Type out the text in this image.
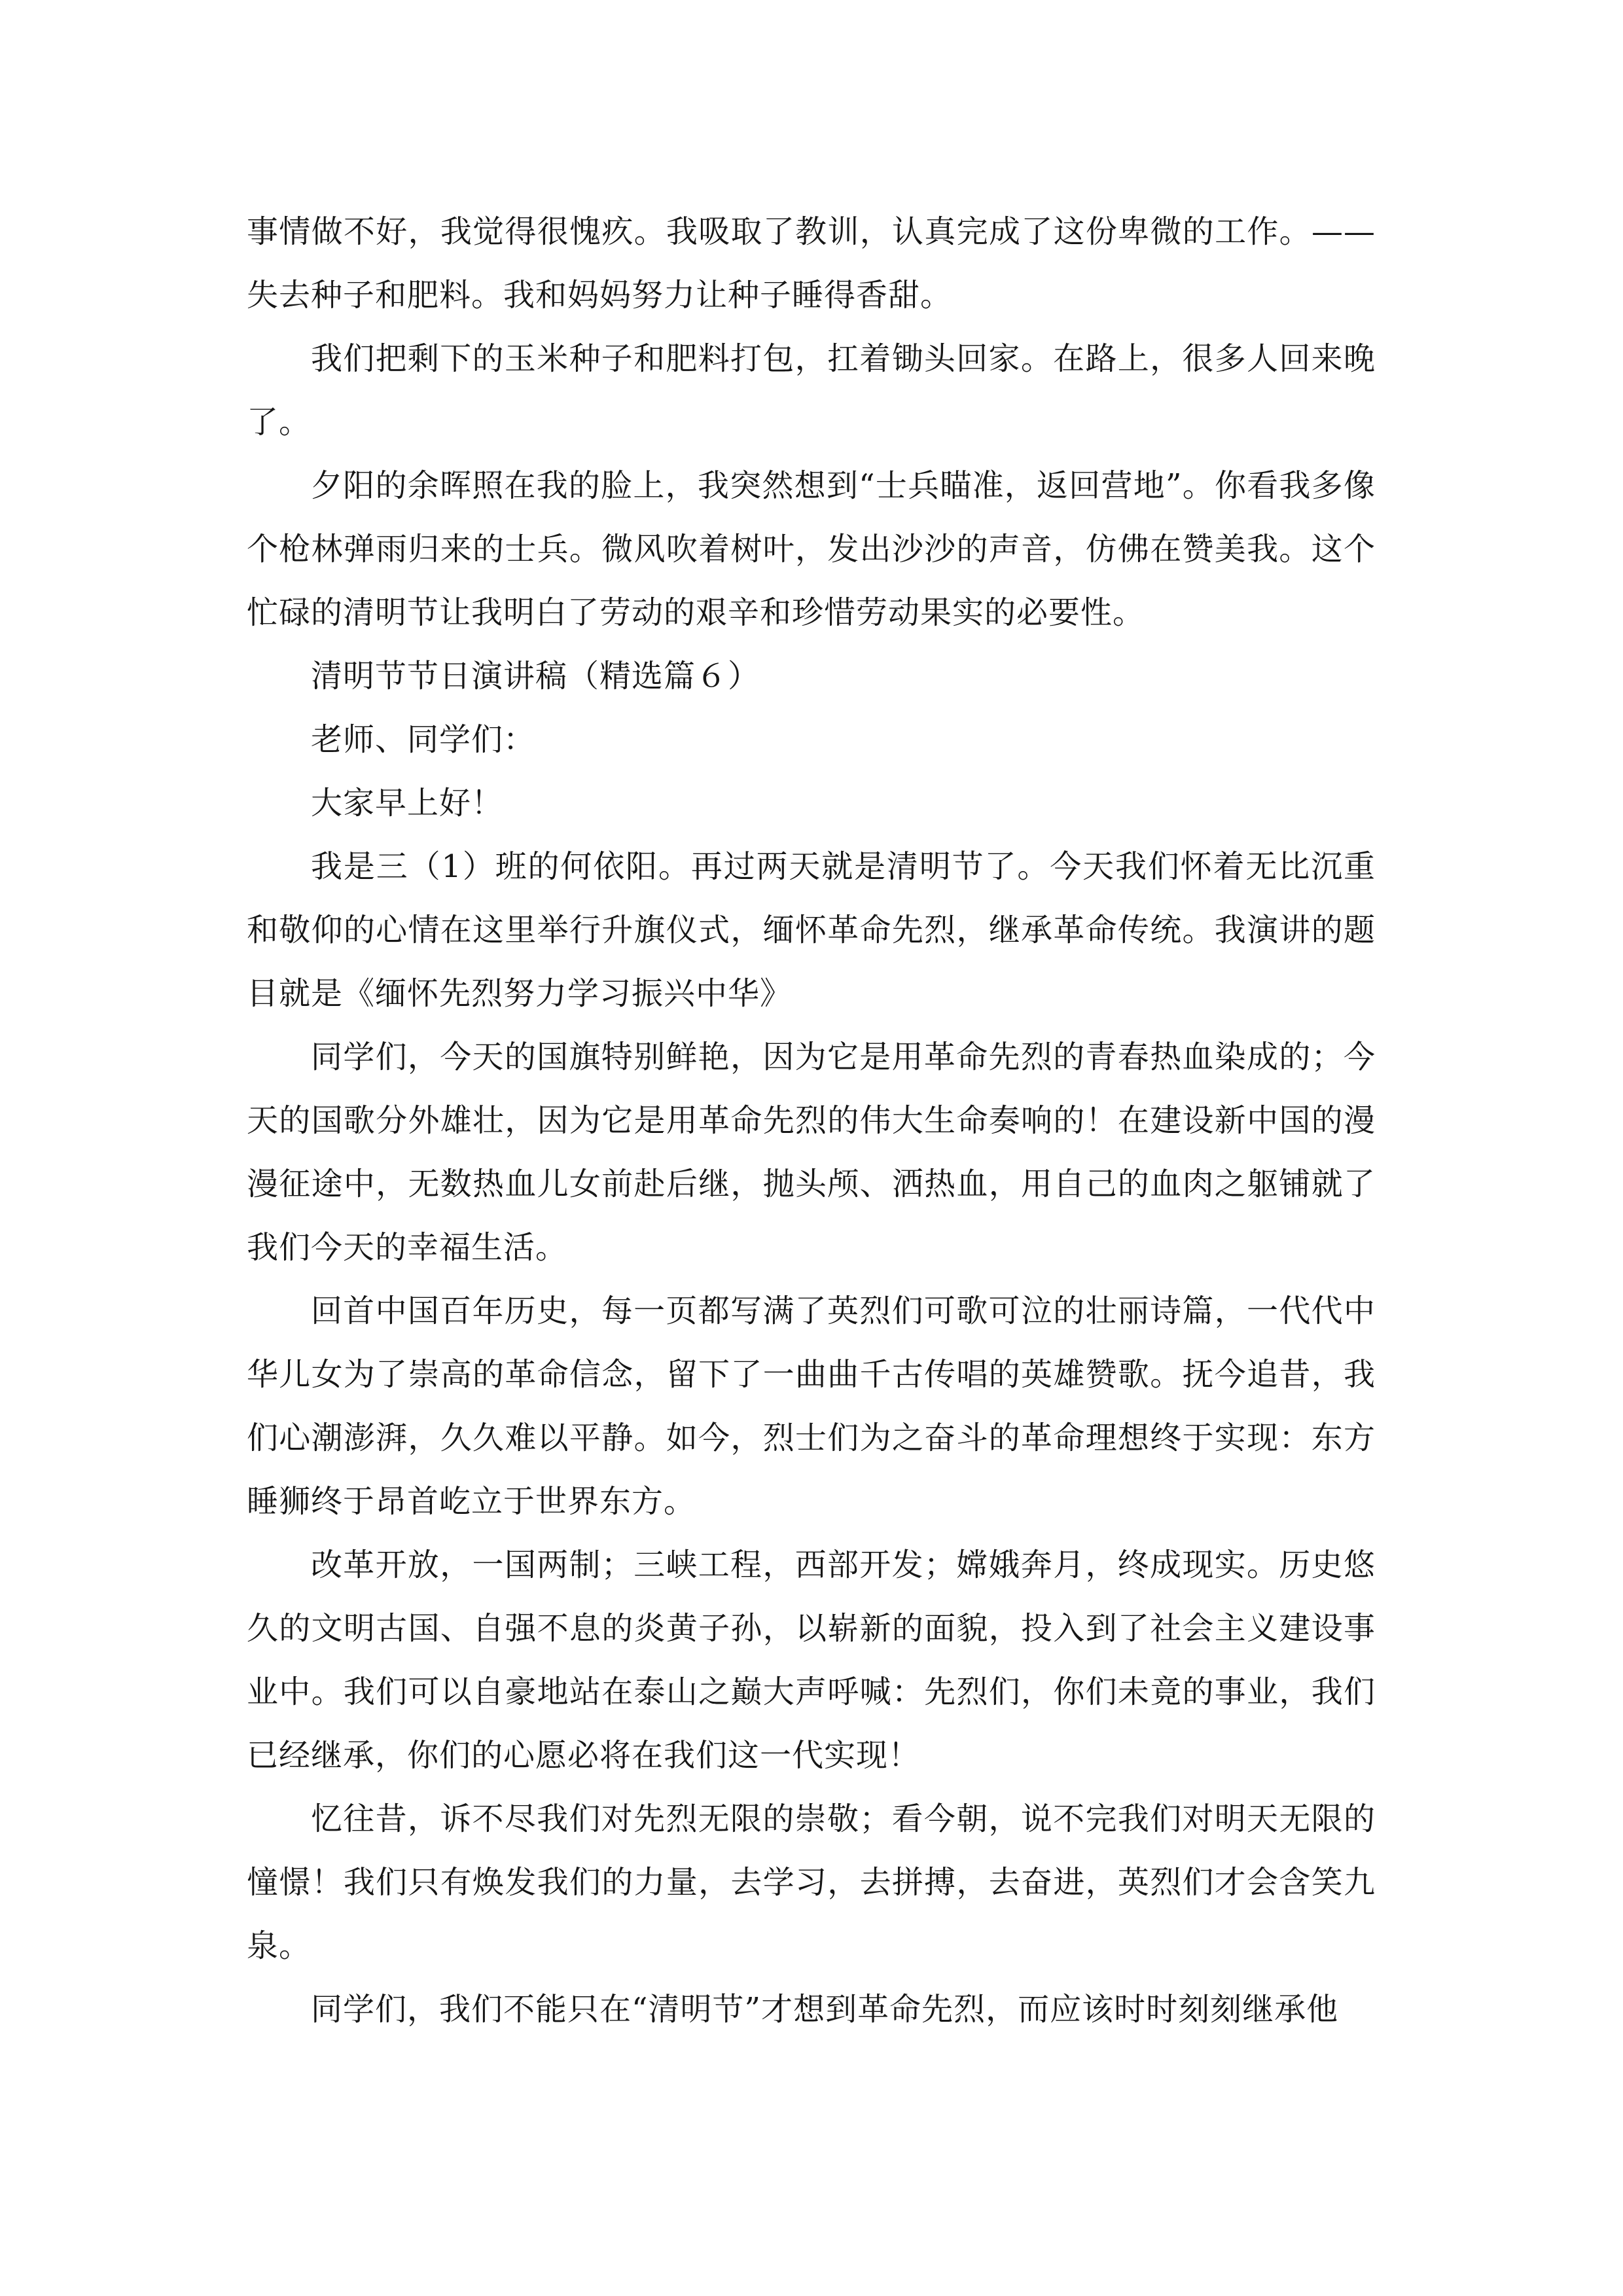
事情做不好，我觉得很愧疚。我吸取了教训，认真完成了这份卑微的工作。——失去种子和肥料。我和妈妈努力让种子睡得香甜。

我们把剩下的玉米种子和肥料打包，扛着锄头回家。在路上，很多人回来晚了。

夕阳的余晖照在我的脸上，我突然想到“士兵瞄准，返回营地”。你看我多像个枪林弹雨归来的士兵。微风吹着树叶，发出沙沙的声音，仿佛在赞美我。这个忙碌的清明节让我明白了劳动的艰辛和珍惜劳动果实的必要性。

清明节节日演讲稿（精选篇６）

老师、同学们：

大家早上好！

我是三（1）班的何依阳。再过两天就是清明节了。今天我们怀着无比沉重和敬仰的心情在这里举行升旗仪式，缅怀革命先烈，继承革命传统。我演讲的题目就是《缅怀先烈努力学习振兴中华》

同学们，今天的国旗特别鲜艳，因为它是用革命先烈的青春热血染成的；今天的国歌分外雄壮，因为它是用革命先烈的伟大生命奏响的！在建设新中国的漫漫征途中，无数热血儿女前赴后继，抛头颅、洒热血，用自己的血肉之躯铺就了我们今天的幸福生活。

回首中国百年历史，每一页都写满了英烈们可歌可泣的壮丽诗篇，一代代中华儿女为了崇高的革命信念，留下了一曲曲千古传唱的英雄赞歌。抚今追昔，我们心潮澎湃，久久难以平静。如今，烈士们为之奋斗的革命理想终于实现：东方睡狮终于昂首屹立于世界东方。

改革开放，一国两制；三峡工程，西部开发；嫦娥奔月，终成现实。历史悠久的文明古国、自强不息的炎黄子孙，以崭新的面貌，投入到了社会主义建设事业中。我们可以自豪地站在泰山之巅大声呼喊：先烈们，你们未竟的事业，我们已经继承，你们的心愿必将在我们这一代实现！

忆往昔，诉不尽我们对先烈无限的崇敬；看今朝，说不完我们对明天无限的憧憬！我们只有焕发我们的力量，去学习，去拼搏，去奋进，英烈们才会含笑九泉。

同学们，我们不能只在“清明节”才想到革命先烈，而应该时时刻刻继承他
